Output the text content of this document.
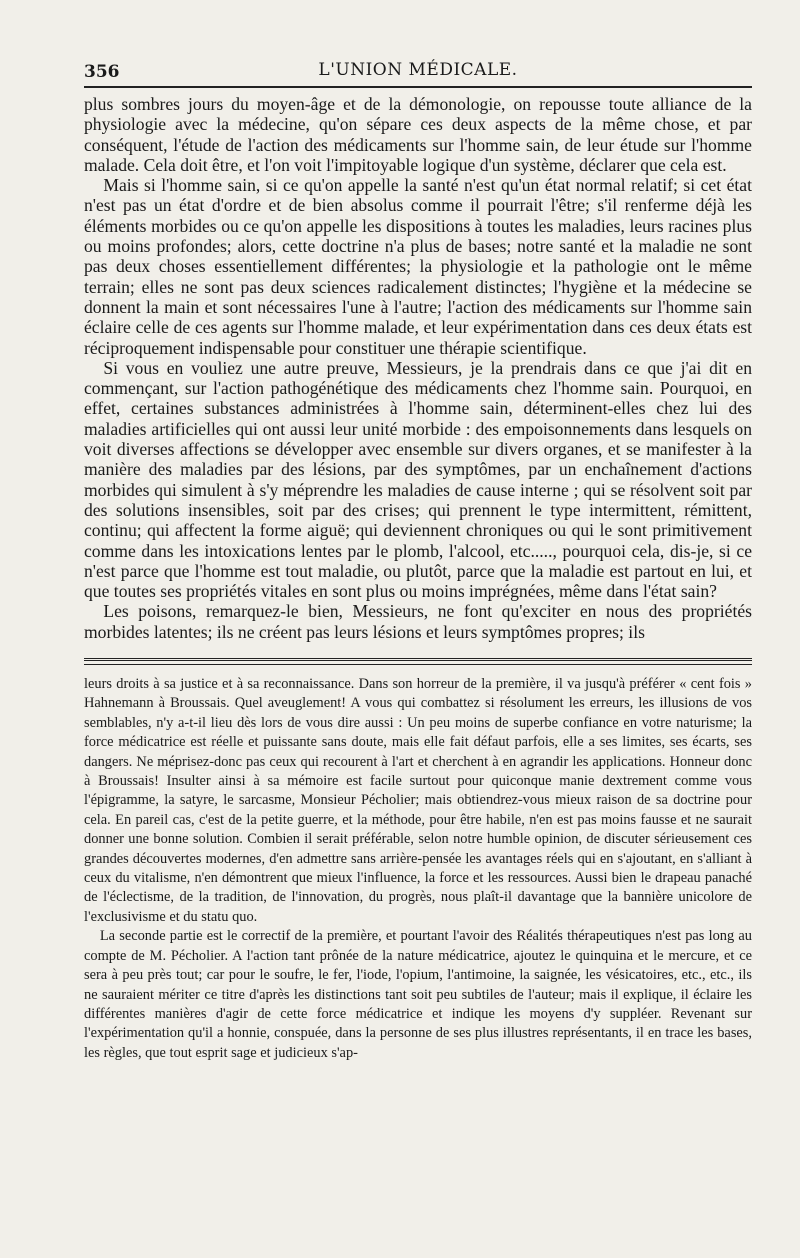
356	L'UNION MÉDICALE.

plus sombres jours du moyen-âge et de la démonologie, on repousse toute alliance de la physiologie avec la médecine, qu'on sépare ces deux aspects de la même chose, et par conséquent, l'étude de l'action des médicaments sur l'homme sain, de leur étude sur l'homme malade. Cela doit être, et l'on voit l'impitoyable logique d'un système, déclarer que cela est.

Mais si l'homme sain, si ce qu'on appelle la santé n'est qu'un état normal relatif; si cet état n'est pas un état d'ordre et de bien absolus comme il pourrait l'être; s'il renferme déjà les éléments morbides ou ce qu'on appelle les dispositions à toutes les maladies, leurs racines plus ou moins profondes; alors, cette doctrine n'a plus de bases; notre santé et la maladie ne sont pas deux choses essentiellement différentes; la physiologie et la pathologie ont le même terrain; elles ne sont pas deux sciences radicalement distinctes; l'hygiène et la médecine se donnent la main et sont nécessaires l'une à l'autre; l'action des médicaments sur l'homme sain éclaire celle de ces agents sur l'homme malade, et leur expérimentation dans ces deux états est réciproquement indispensable pour constituer une thérapie scientifique.

Si vous en vouliez une autre preuve, Messieurs, je la prendrais dans ce que j'ai dit en commençant, sur l'action pathogénétique des médicaments chez l'homme sain. Pourquoi, en effet, certaines substances administrées à l'homme sain, déterminent-elles chez lui des maladies artificielles qui ont aussi leur unité morbide : des empoisonnements dans lesquels on voit diverses affections se développer avec ensemble sur divers organes, et se manifester à la manière des maladies par des lésions, par des symptômes, par un enchaînement d'actions morbides qui simulent à s'y méprendre les maladies de cause interne ; qui se résolvent soit par des solutions insensibles, soit par des crises; qui prennent le type intermittent, rémittent, continu; qui affectent la forme aiguë; qui deviennent chroniques ou qui le sont primitivement comme dans les intoxications lentes par le plomb, l'alcool, etc....., pourquoi cela, dis-je, si ce n'est parce que l'homme est tout maladie, ou plutôt, parce que la maladie est partout en lui, et que toutes ses propriétés vitales en sont plus ou moins imprégnées, même dans l'état sain?

Les poisons, remarquez-le bien, Messieurs, ne font qu'exciter en nous des propriétés morbides latentes; ils ne créent pas leurs lésions et leurs symptômes propres; ils

leurs droits à sa justice et à sa reconnaissance. Dans son horreur de la première, il va jusqu'à préférer « cent fois » Hahnemann à Broussais. Quel aveuglement! A vous qui combattez si résolument les erreurs, les illusions de vos semblables, n'y a-t-il lieu dès lors de vous dire aussi : Un peu moins de superbe confiance en votre naturisme; la force médicatrice est réelle et puissante sans doute, mais elle fait défaut parfois, elle a ses limites, ses écarts, ses dangers. Ne méprisez-donc pas ceux qui recourent à l'art et cherchent à en agrandir les applications. Honneur donc à Broussais! Insulter ainsi à sa mémoire est facile surtout pour quiconque manie dextrement comme vous l'épigramme, la satyre, le sarcasme, Monsieur Pécholier; mais obtiendrez-vous mieux raison de sa doctrine pour cela. En pareil cas, c'est de la petite guerre, et la méthode, pour être habile, n'en est pas moins fausse et ne saurait donner une bonne solution. Combien il serait préférable, selon notre humble opinion, de discuter sérieusement ces grandes découvertes modernes, d'en admettre sans arrière-pensée les avantages réels qui en s'ajoutant, en s'alliant à ceux du vitalisme, n'en démontrent que mieux l'influence, la force et les ressources. Aussi bien le drapeau panaché de l'éclectisme, de la tradition, de l'innovation, du progrès, nous plaît-il davantage que la bannière unicolore de l'exclusivisme et du statu quo.

La seconde partie est le correctif de la première, et pourtant l'avoir des Réalités thérapeutiques n'est pas long au compte de M. Pécholier. A l'action tant prônée de la nature médicatrice, ajoutez le quinquina et le mercure, et ce sera à peu près tout; car pour le soufre, le fer, l'iode, l'opium, l'antimoine, la saignée, les vésicatoires, etc., etc., ils ne sauraient mériter ce titre d'après les distinctions tant soit peu subtiles de l'auteur; mais il explique, il éclaire les différentes manières d'agir de cette force médicatrice et indique les moyens d'y suppléer. Revenant sur l'expérimentation qu'il a honnie, conspuée, dans la personne de ses plus illustres représentants, il en trace les bases, les règles, que tout esprit sage et judicieux s'ap-
